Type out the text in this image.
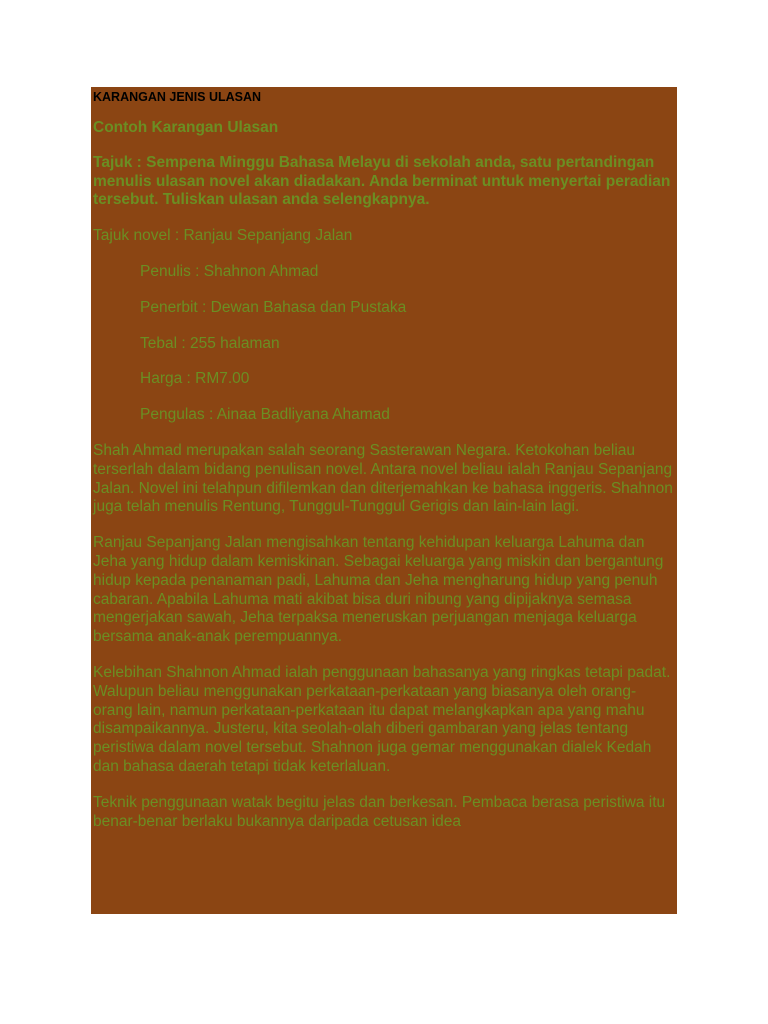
KARANGAN JENIS ULASAN
Contoh Karangan Ulasan
Tajuk : Sempena Minggu Bahasa Melayu di sekolah anda, satu pertandingan menulis ulasan novel akan diadakan. Anda berminat untuk menyertai peradian tersebut. Tuliskan ulasan anda selengkapnya.
Tajuk novel : Ranjau Sepanjang Jalan
Penulis : Shahnon Ahmad
Penerbit : Dewan Bahasa dan Pustaka
Tebal : 255 halaman
Harga : RM7.00
Pengulas : Ainaa Badliyana Ahamad
Shah Ahmad merupakan salah seorang Sasterawan Negara. Ketokohan beliau terserlah dalam bidang penulisan novel. Antara novel beliau ialah Ranjau Sepanjang Jalan. Novel ini telahpun difilemkan dan diterjemahkan ke bahasa inggeris. Shahnon juga telah menulis Rentung, Tunggul-Tunggul Gerigis dan lain-lain lagi.
Ranjau Sepanjang Jalan mengisahkan tentang kehidupan keluarga Lahuma dan Jeha yang hidup dalam kemiskinan. Sebagai keluarga yang miskin dan bergantung hidup kepada penanaman padi, Lahuma dan Jeha mengharung hidup yang penuh cabaran. Apabila Lahuma mati akibat bisa duri nibung yang dipijaknya semasa mengerjakan sawah, Jeha terpaksa meneruskan perjuangan menjaga keluarga bersama anak-anak perempuannya.
Kelebihan Shahnon Ahmad ialah penggunaan bahasanya yang ringkas tetapi padat. Walupun beliau menggunakan perkataan-perkataan yang biasanya oleh orang-orang lain, namun perkataan-perkataan itu dapat melangkapkan apa yang mahu disampaikannya. Justeru, kita seolah-olah diberi gambaran yang jelas tentang peristiwa dalam novel tersebut. Shahnon juga gemar menggunakan dialek Kedah dan bahasa daerah tetapi tidak keterlaluan.
Teknik penggunaan watak begitu jelas dan berkesan. Pembaca berasa peristiwa itu benar-benar berlaku bukannya daripada cetusan idea
